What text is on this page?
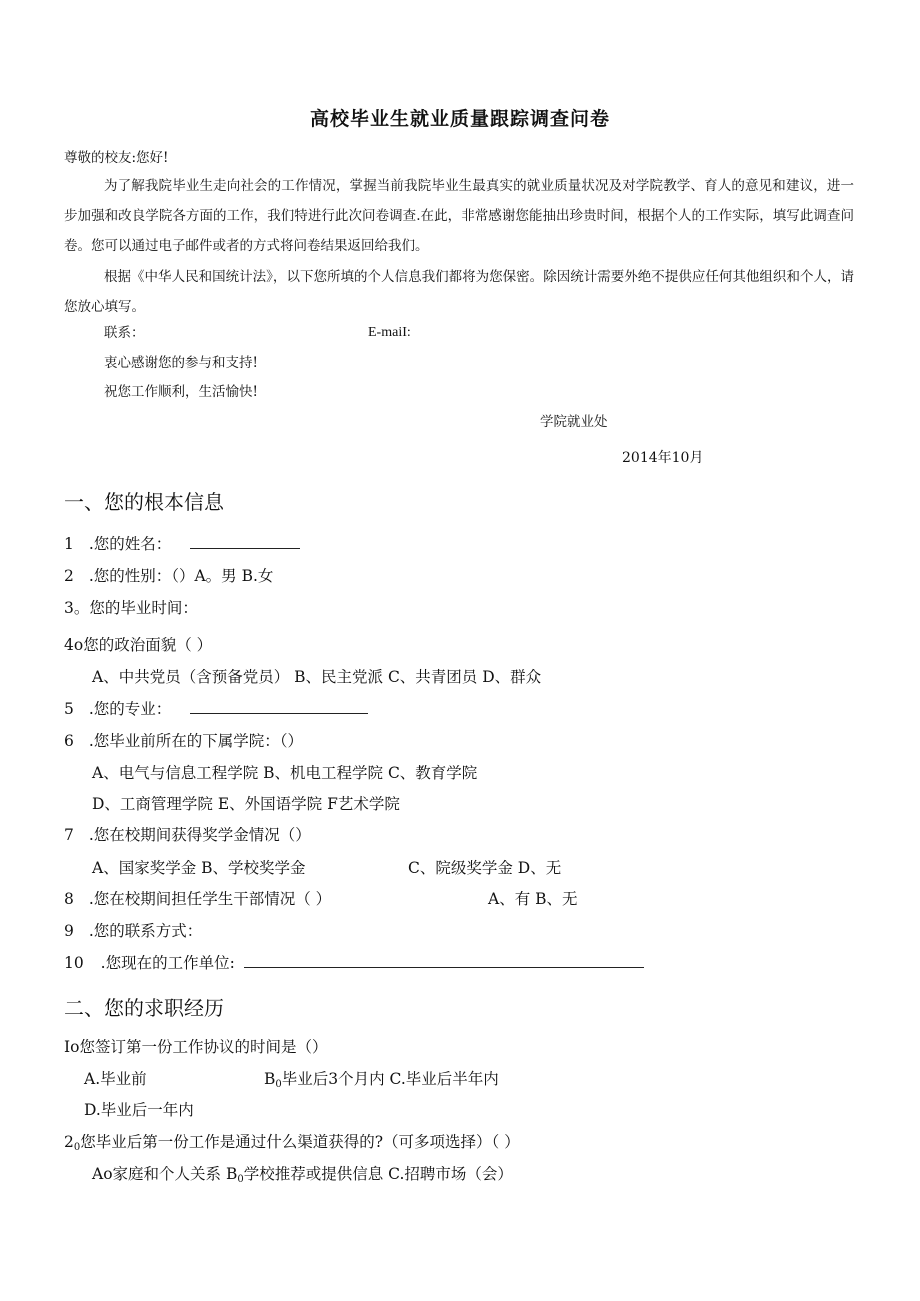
高校毕业生就业质量跟踪调查问卷
尊敬的校友:您好!
为了解我院毕业生走向社会的工作情况，掌握当前我院毕业生最真实的就业质量状况及对学院教学、育人的意见和建议，进一步加强和改良学院各方面的工作，我们特进行此次问卷调查.在此，非常感谢您能抽出珍贵时间，根据个人的工作实际，填写此调查问卷。您可以通过电子邮件或者的方式将问卷结果返回给我们。
根据《中华人民和国统计法》，以下您所填的个人信息我们都将为您保密。除因统计需要外绝不提供应任何其他组织和个人，请您放心填写。
联系：	E-maiI:
衷心感谢您的参与和支持!
祝您工作顺利，生活愉快!
学院就业处
2014年10月
一、您的根本信息
1 .您的姓名：
2 .您的性别：（）A。男 B.女
3。您的毕业时间：
4o您的政治面貌（ ）
A、中共党员（含预备党员） B、民主党派 C、共青团员 D、群众
5 .您的专业：
6 .您毕业前所在的下属学院：（）
A、电气与信息工程学院 B、机电工程学院 C、教育学院
D、工商管理学院 E、外国语学院 F艺术学院
7 .您在校期间获得奖学金情况（）
A、国家奖学金 B、学校奖学金	C、院级奖学金 D、无
8 .您在校期间担任学生干部情况（ ）	A、有 B、无
9 .您的联系方式：
10 .您现在的工作单位:
二、您的求职经历
Io您签订第一份工作协议的时间是（）
A.毕业前	$B_0$毕业后3个月内 C.毕业后半年内
D.毕业后一年内
$2_0$您毕业后第一份工作是通过什么渠道获得的?（可多项选择）（ ）
Ao家庭和个人关系 $B_0$学校推荐或提供信息 C.招聘市场（会）
